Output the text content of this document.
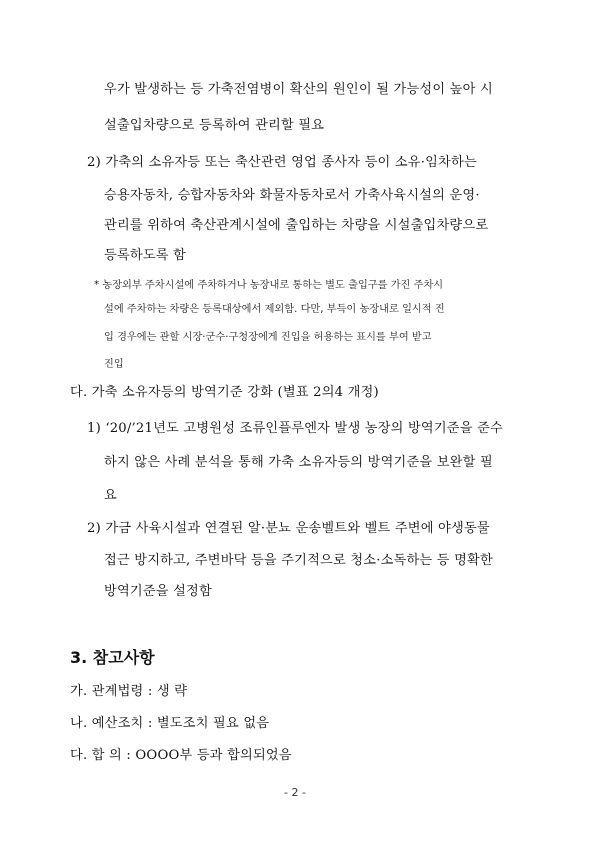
우가 발생하는 등 가축전염병이 확산의 원인이 될 가능성이 높아 시
설출입차량으로 등록하여 관리할 필요
2) 가축의 소유자등 또는 축산관련 영업 종사자 등이 소유·임차하는
승용자동차, 승합자동차와 화물자동차로서 가축사육시설의 운영·
관리를 위하여 축산관계시설에 출입하는 차량을 시설출입차량으로
등록하도록 함
* 농장외부 주차시설에 주차하거나 농장내로 통하는 별도 출입구를 가진 주차시
설에 주차하는 차량은 등록대상에서 제외함. 다만, 부득이 농장내로 일시적 진
입 경우에는 관할 시장·군수·구청장에게 진입을 허용하는 표시를 부여 받고
진입
다. 가축 소유자등의 방역기준 강화 (별표 2의4 개정)
1) ‘20/’21년도 고병원성 조류인플루엔자 발생 농장의 방역기준을 준수
하지 않은 사례 분석을 통해 가축 소유자등의 방역기준을 보완할 필
요
2) 가금 사육시설과 연결된 알·분뇨 운송벨트와 벨트 주변에 야생동물
접근 방지하고, 주변바닥 등을 주기적으로 청소·소독하는 등 명확한
방역기준을 설정함
3. 참고사항
가. 관계법령 : 생 략
나. 예산조치 : 별도조치 필요 없음
다. 합 의 : OOOO부 등과 합의되었음
- 2 -
